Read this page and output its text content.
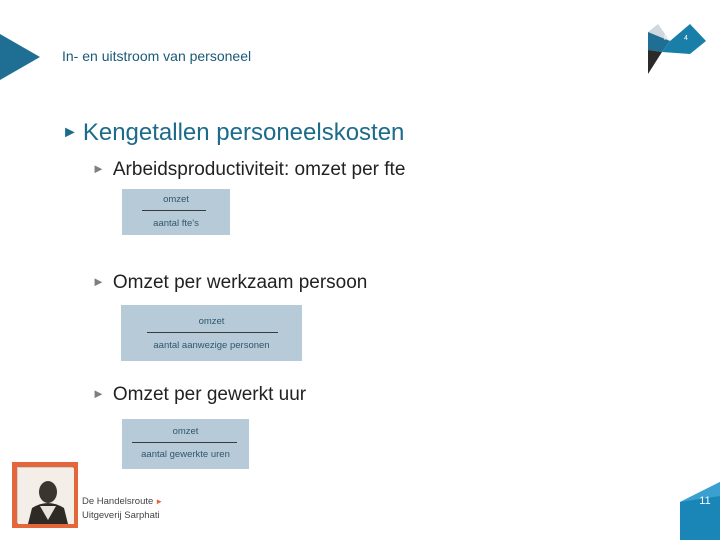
In- en uitstroom van personeel
R 4
► Kengetallen personeelskosten
► Arbeidsproductiviteit: omzet per fte
omzet
aantal fte's
► Omzet per werkzaam persoon
omzet
aantal aanwezige personen
► Omzet per gewerkt uur
omzet
aantal gewerkte uren
De Handelsroute ►
Uitgeverij Sarphati
11
